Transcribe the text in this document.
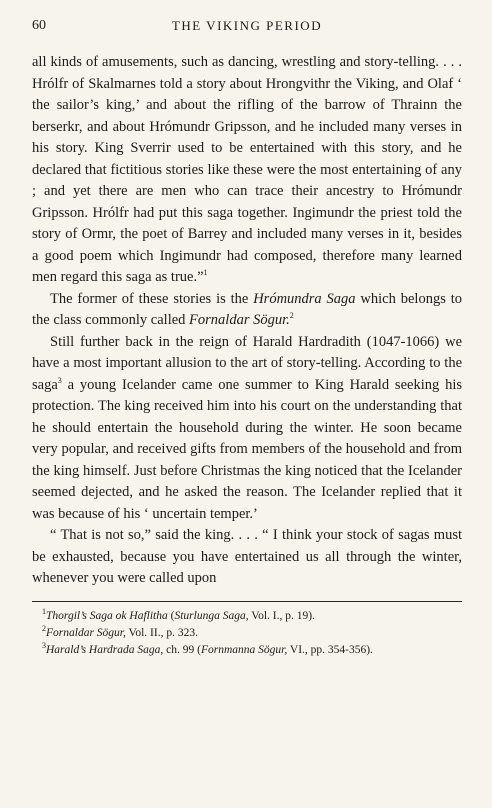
60	THE VIKING PERIOD

all kinds of amusements, such as dancing, wrestling and story-telling. . . . Hrólfr of Skalmarnes told a story about Hrongvithr the Viking, and Olaf ‘ the sailor’s king,’ and about the rifling of the barrow of Thrainn the berserkr, and about Hrómundr Gripsson, and he included many verses in his story. King Sverrir used to be entertained with this story, and he declared that fictitious stories like these were the most entertaining of any ; and yet there are men who can trace their ancestry to Hrómundr Gripsson. Hrólfr had put this saga together. Ingimundr the priest told the story of Ormr, the poet of Barrey and included many verses in it, besides a good poem which Ingimundr had composed, therefore many learned men regard this saga as true.”$^1$

The former of these stories is the Hrómundra Saga which belongs to the class commonly called Fornaldar Sögur.$^2$

Still further back in the reign of Harald Hardradith (1047-1066) we have a most important allusion to the art of story-telling. According to the saga$^3$ a young Icelander came one summer to King Harald seeking his protection. The king received him into his court on the understanding that he should entertain the household during the winter. He soon became very popular, and received gifts from members of the household and from the king himself. Just before Christmas the king noticed that the Icelander seemed dejected, and he asked the reason. The Icelander replied that it was because of his ‘ uncertain temper.’

“ That is not so,” said the king. . . . “ I think your stock of sagas must be exhausted, because you have entertained us all through the winter, whenever you were called upon

$^1$Thorgil’s Saga ok Haflitha (Sturlunga Saga, Vol. I., p. 19).

$^2$Fornaldar Sögur, Vol. II., p. 323.

$^3$Harald’s Hardrada Saga, ch. 99 (Fornmanna Sögur, VI., pp. 354-356).
